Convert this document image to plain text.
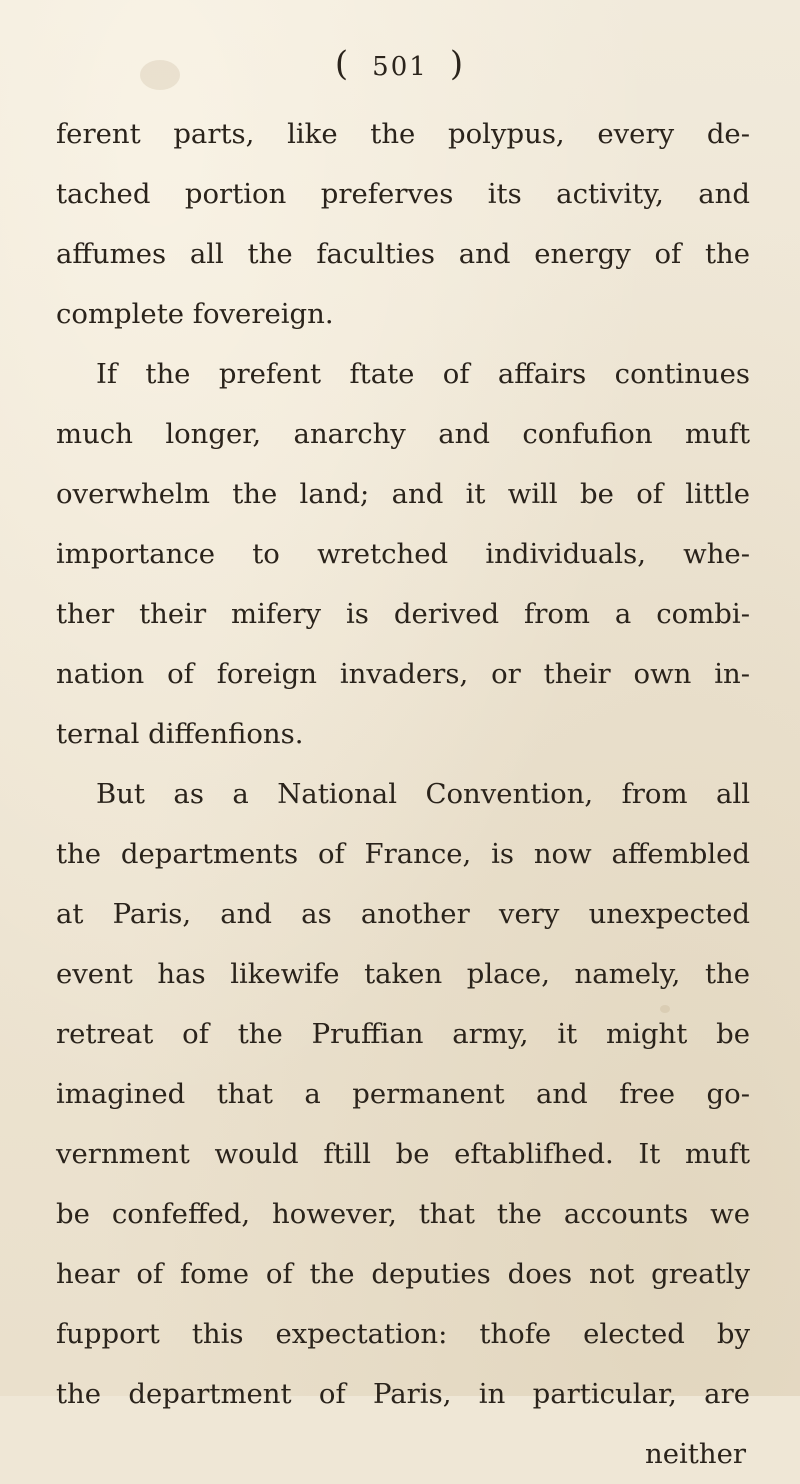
( 501 )
ferent parts, like the polypus, every de-
tached portion preferves its activity, and
affumes all the faculties and energy of the
complete fovereign.
If the prefent ftate of affairs continues
much longer, anarchy and confufion muft
overwhelm the land; and it will be of little
importance to wretched individuals, whe-
ther their mifery is derived from a combi-
nation of foreign invaders, or their own in-
ternal diffenfions.
But as a National Convention, from all
the departments of France, is now affembled
at Paris, and as another very unexpected
event has likewife taken place, namely, the
retreat of the Pruffian army, it might be
imagined that a permanent and free go-
vernment would ftill be eftablifhed. It muft
be confeffed, however, that the accounts we
hear of fome of the deputies does not greatly
fupport this expectation: thofe elected by
the department of Paris, in particular, are
neither
